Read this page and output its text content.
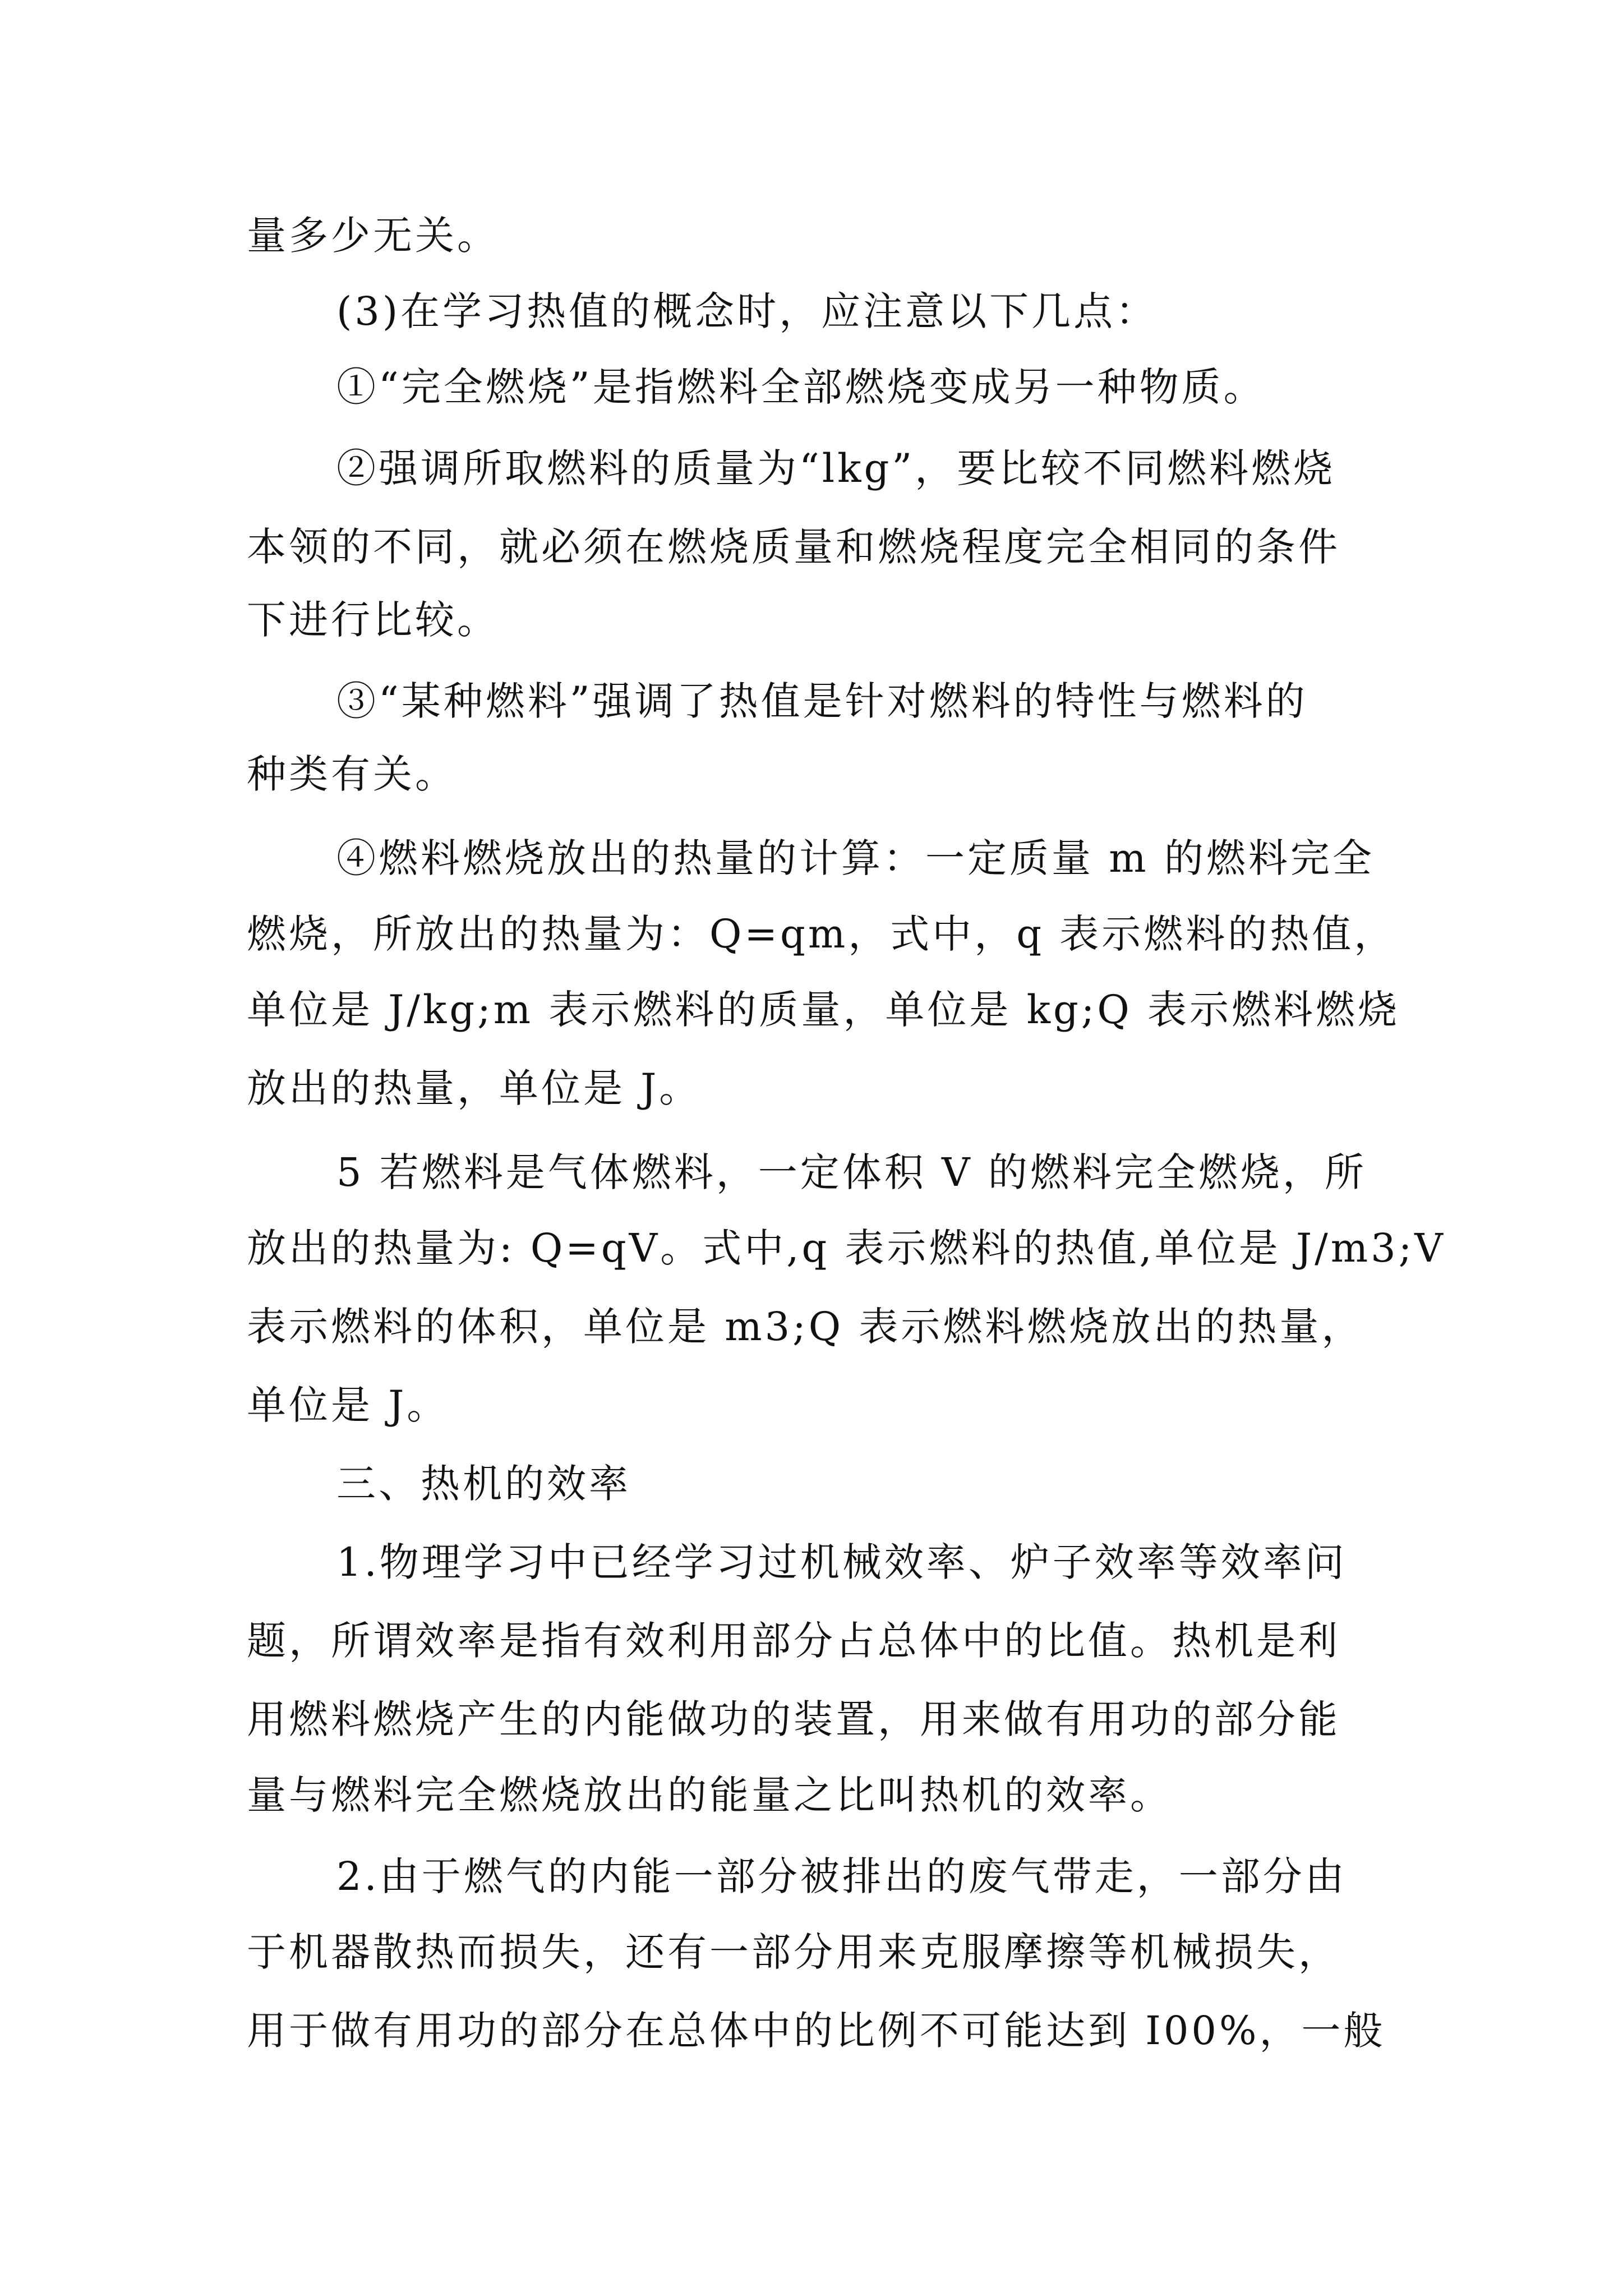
量多少无关。
(3)在学习热值的概念时，应注意以下几点：
①“完全燃烧”是指燃料全部燃烧变成另一种物质。
②强调所取燃料的质量为“lkg”，要比较不同燃料燃烧
本领的不同，就必须在燃烧质量和燃烧程度完全相同的条件
下进行比较。
③“某种燃料”强调了热值是针对燃料的特性与燃料的
种类有关。
④燃料燃烧放出的热量的计算：一定质量 m 的燃料完全
燃烧，所放出的热量为：Q=qm，式中，q 表示燃料的热值，
单位是 J/kg;m 表示燃料的质量，单位是 kg;Q 表示燃料燃烧
放出的热量，单位是 J。
5 若燃料是气体燃料，一定体积 V 的燃料完全燃烧，所
放出的热量为: Q=qV。式中,q 表示燃料的热值,单位是 J/m3;V
表示燃料的体积，单位是 m3;Q 表示燃料燃烧放出的热量，
单位是 J。
三、热机的效率
1.物理学习中已经学习过机械效率、炉子效率等效率问
题，所谓效率是指有效利用部分占总体中的比值。热机是利
用燃料燃烧产生的内能做功的装置，用来做有用功的部分能
量与燃料完全燃烧放出的能量之比叫热机的效率。
2.由于燃气的内能一部分被排出的废气带走，一部分由
于机器散热而损失，还有一部分用来克服摩擦等机械损失，
用于做有用功的部分在总体中的比例不可能达到 I00%，一般
